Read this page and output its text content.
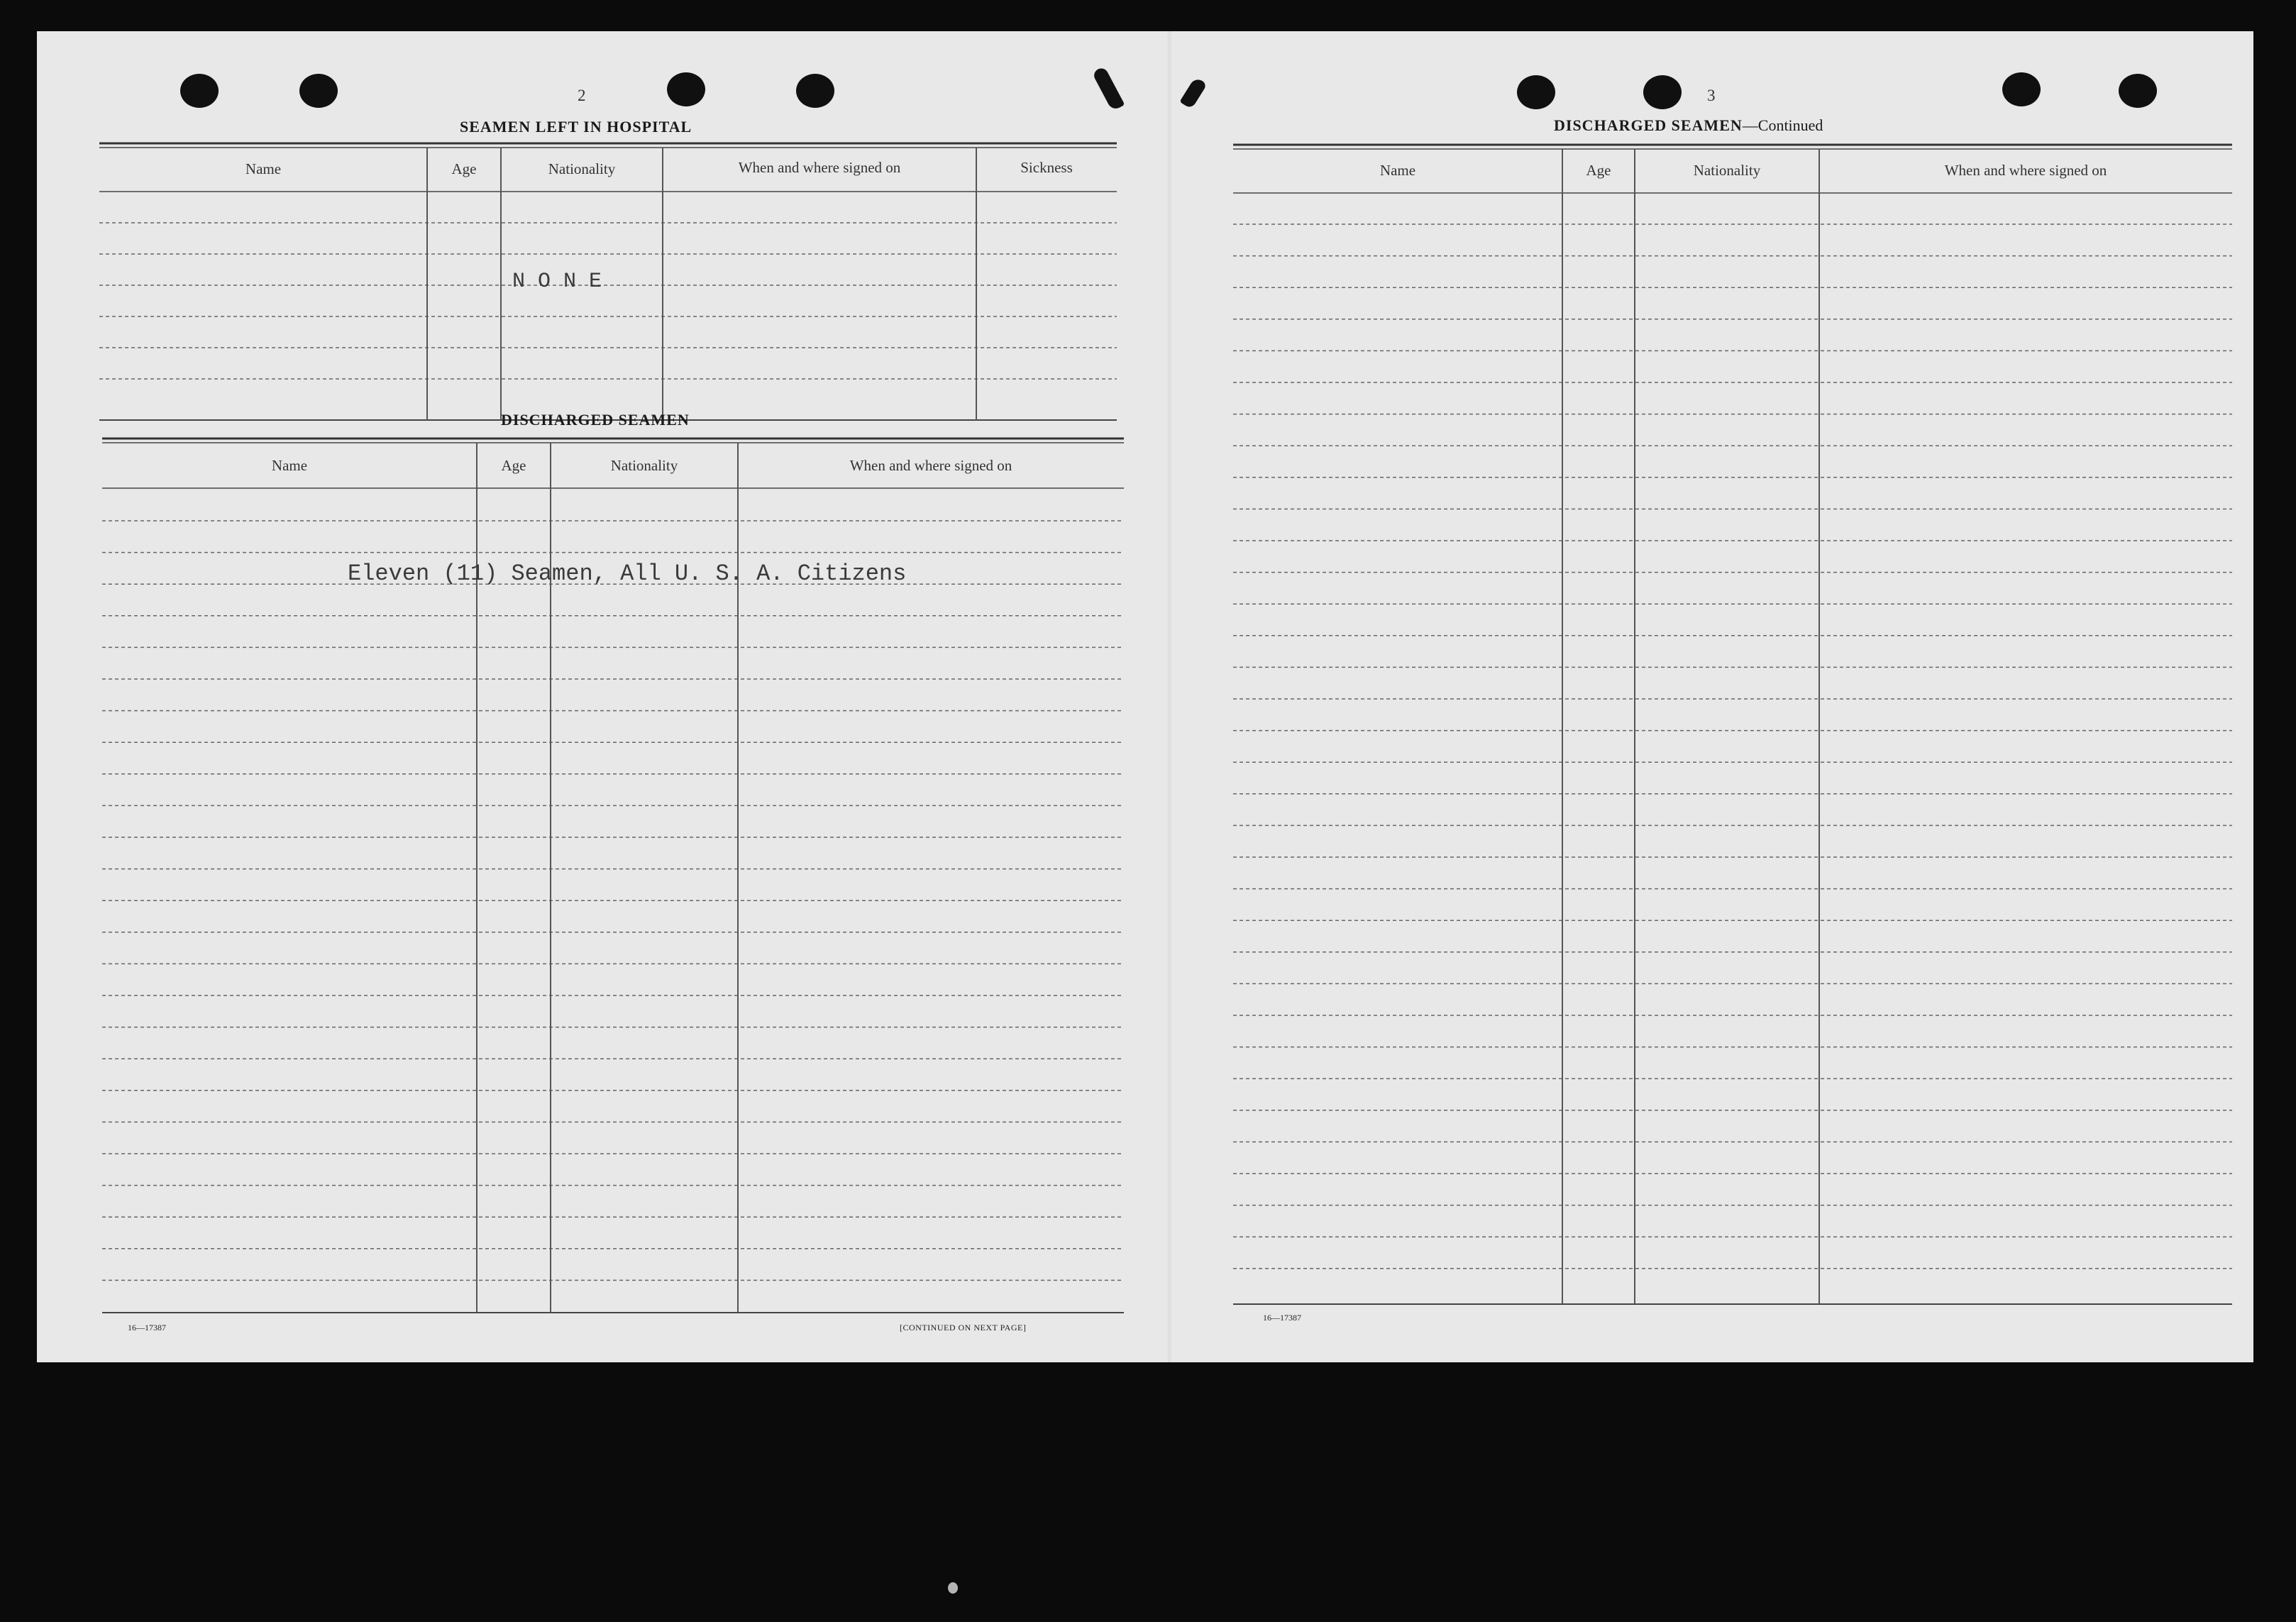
2
SEAMEN LEFT IN HOSPITAL
Name	Age	Nationality	When and where signed on	Sickness
N O N E
DISCHARGED SEAMEN
Name	Age	Nationality	When and where signed on
Eleven (11) Seamen, All U. S. A. Citizens
16—17387	[CONTINUED ON NEXT PAGE]
3
DISCHARGED SEAMEN—Continued
Name	Age	Nationality	When and where signed on
16—17387
